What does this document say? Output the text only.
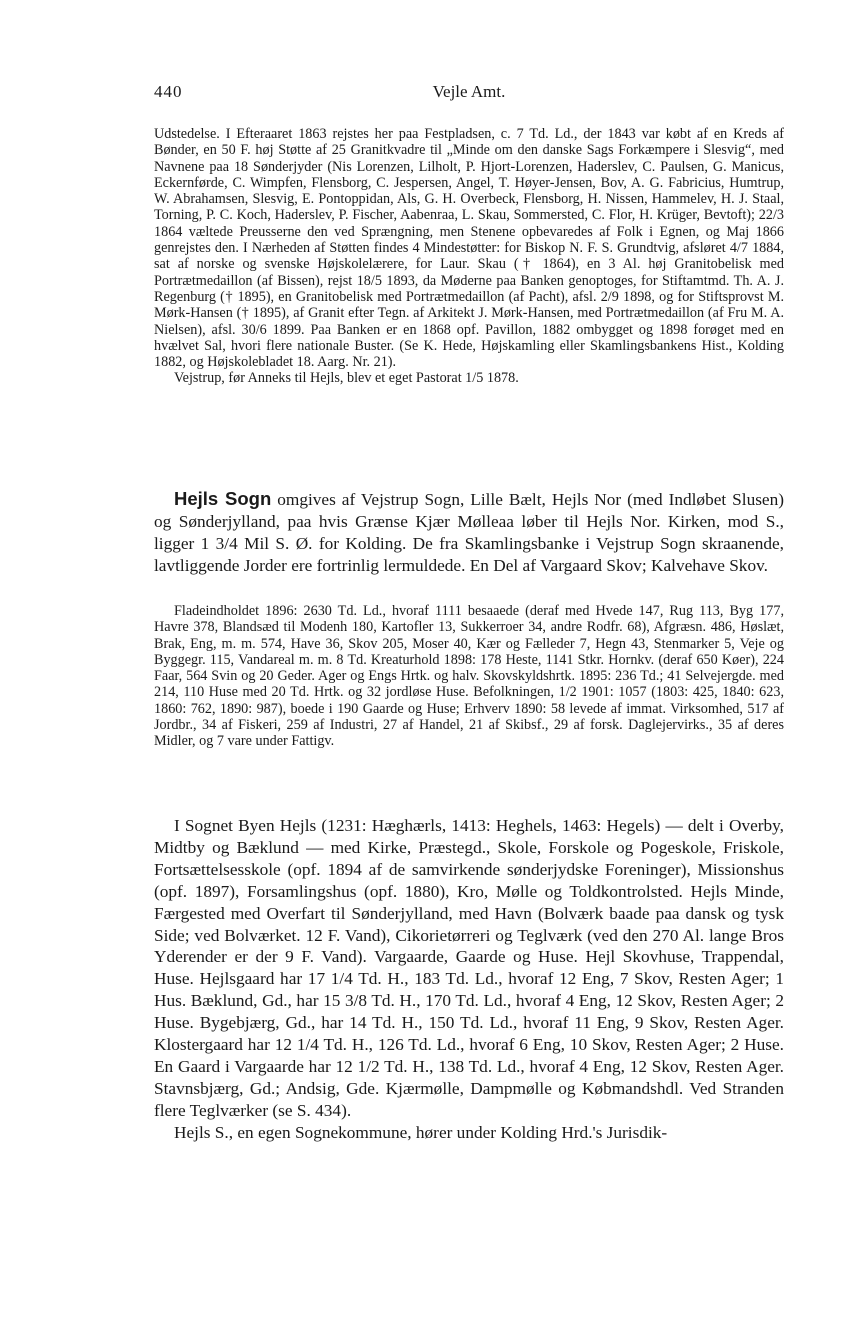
440	Vejle Amt.

Udstedelse. I Efteraaret 1863 rejstes her paa Festpladsen, c. 7 Td. Ld., der 1843 var købt af en Kreds af Bønder, en 50 F. høj Støtte af 25 Granitkvadre til „Minde om den danske Sags Forkæmpere i Slesvig“, med Navnene paa 18 Sønderjyder (Nis Lorenzen, Lilholt, P. Hjort-Lorenzen, Haderslev, C. Paulsen, G. Manicus, Eckernførde, C. Wimpfen, Flensborg, C. Jespersen, Angel, T. Høyer-Jensen, Bov, A. G. Fabricius, Humtrup, W. Abrahamsen, Slesvig, E. Pontoppidan, Als, G. H. Overbeck, Flensborg, H. Nissen, Hammelev, H. J. Staal, Torning, P. C. Koch, Haderslev, P. Fischer, Aabenraa, L. Skau, Sommersted, C. Flor, H. Krüger, Bevtoft); 22/3 1864 væltede Preusserne den ved Sprængning, men Stenene opbevaredes af Folk i Egnen, og Maj 1866 genrejstes den. I Nærheden af Støtten findes 4 Mindestøtter: for Biskop N. F. S. Grundtvig, afsløret 4/7 1884, sat af norske og svenske Højskolelærere, for Laur. Skau († 1864), en 3 Al. høj Granitobelisk med Portrætmedaillon (af Bissen), rejst 18/5 1893, da Møderne paa Banken genoptoges, for Stiftamtmd. Th. A. J. Regenburg († 1895), en Granitobelisk med Portrætmedaillon (af Pacht), afsl. 2/9 1898, og for Stiftsprovst M. Mørk-Hansen († 1895), af Granit efter Tegn. af Arkitekt J. Mørk-Hansen, med Portrætmedaillon (af Fru M. A. Nielsen), afsl. 30/6 1899. Paa Banken er en 1868 opf. Pavillon, 1882 ombygget og 1898 forøget med en hvælvet Sal, hvori flere nationale Buster. (Se K. Hede, Højskamling eller Skamlingsbankens Hist., Kolding 1882, og Højskolebladet 18. Aarg. Nr. 21).

Vejstrup, før Anneks til Hejls, blev et eget Pastorat 1/5 1878.

Hejls Sogn omgives af Vejstrup Sogn, Lille Bælt, Hejls Nor (med Indløbet Slusen) og Sønderjylland, paa hvis Grænse Kjær Mølleaa løber til Hejls Nor. Kirken, mod S., ligger 1 3/4 Mil S. Ø. for Kolding. De fra Skamlingsbanke i Vejstrup Sogn skraanende, lavtliggende Jorder ere fortrinlig lermuldede. En Del af Vargaard Skov; Kalvehave Skov.

Fladeindholdet 1896: 2630 Td. Ld., hvoraf 1111 besaaede (deraf med Hvede 147, Rug 113, Byg 177, Havre 378, Blandsæd til Modenh 180, Kartofler 13, Sukkerroer 34, andre Rodfr. 68), Afgræsn. 486, Høslæt, Brak, Eng, m. m. 574, Have 36, Skov 205, Moser 40, Kær og Fælleder 7, Hegn 43, Stenmarker 5, Veje og Byggegr. 115, Vandareal m. m. 8 Td. Kreaturhold 1898: 178 Heste, 1141 Stkr. Hornkv. (deraf 650 Køer), 224 Faar, 564 Svin og 20 Geder. Ager og Engs Hrtk. og halv. Skovskyldshrtk. 1895: 236 Td.; 41 Selvejergde. med 214, 110 Huse med 20 Td. Hrtk. og 32 jordløse Huse. Befolkningen, 1/2 1901: 1057 (1803: 425, 1840: 623, 1860: 762, 1890: 987), boede i 190 Gaarde og Huse; Erhverv 1890: 58 levede af immat. Virksomhed, 517 af Jordbr., 34 af Fiskeri, 259 af Industri, 27 af Handel, 21 af Skibsf., 29 af forsk. Daglejervirks., 35 af deres Midler, og 7 vare under Fattigv.

I Sognet Byen Hejls (1231: Hæghærls, 1413: Heghels, 1463: Hegels) — delt i Overby, Midtby og Bæklund — med Kirke, Præstegd., Skole, Forskole og Pogeskole, Friskole, Fortsættelsesskole (opf. 1894 af de samvirkende sønderjydske Foreninger), Missionshus (opf. 1897), Forsamlingshus (opf. 1880), Kro, Mølle og Toldkontrolsted. Hejls Minde, Færgested med Overfart til Sønderjylland, med Havn (Bolværk baade paa dansk og tysk Side; ved Bolværket. 12 F. Vand), Cikorietørreri og Teglværk (ved den 270 Al. lange Bros Yderender er der 9 F. Vand). Vargaarde, Gaarde og Huse. Hejl Skovhuse, Trappendal, Huse. Hejlsgaard har 17 1/4 Td. H., 183 Td. Ld., hvoraf 12 Eng, 7 Skov, Resten Ager; 1 Hus. Bæklund, Gd., har 15 3/8 Td. H., 170 Td. Ld., hvoraf 4 Eng, 12 Skov, Resten Ager; 2 Huse. Bygebjærg, Gd., har 14 Td. H., 150 Td. Ld., hvoraf 11 Eng, 9 Skov, Resten Ager. Klostergaard har 12 1/4 Td. H., 126 Td. Ld., hvoraf 6 Eng, 10 Skov, Resten Ager; 2 Huse. En Gaard i Vargaarde har 12 1/2 Td. H., 138 Td. Ld., hvoraf 4 Eng, 12 Skov, Resten Ager. Stavnsbjærg, Gd.; Andsig, Gde. Kjærmølle, Dampmølle og Købmandshdl. Ved Stranden flere Teglværker (se S. 434).

Hejls S., en egen Sognekommune, hører under Kolding Hrd.'s Jurisdik-
